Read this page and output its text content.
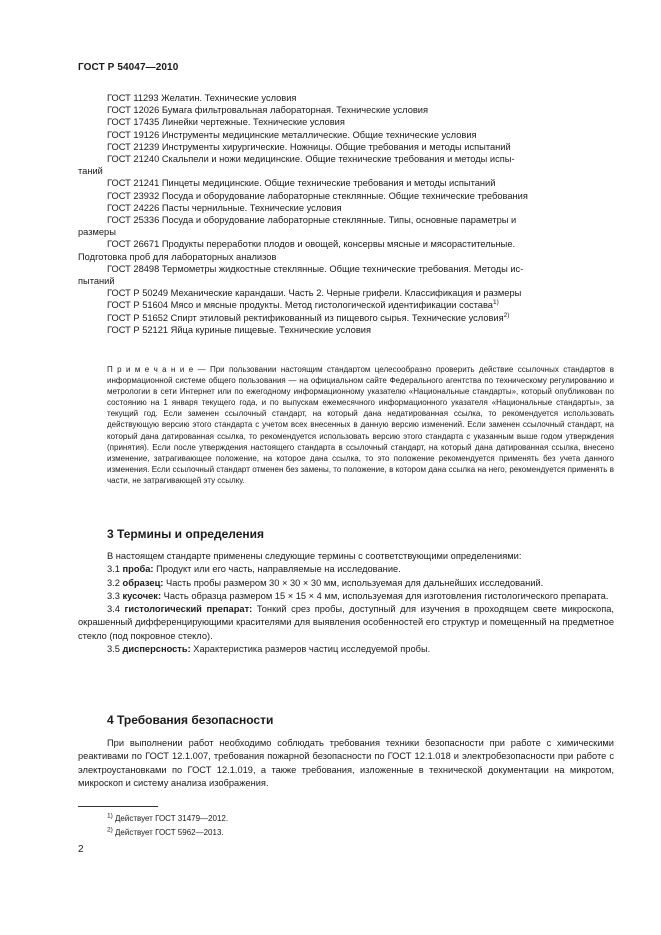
ГОСТ Р 54047—2010
ГОСТ 11293 Желатин. Технические условия
ГОСТ 12026 Бумага фильтровальная лабораторная. Технические условия
ГОСТ 17435 Линейки чертежные. Технические условия
ГОСТ 19126 Инструменты медицинские металлические. Общие технические условия
ГОСТ 21239 Инструменты хирургические. Ножницы. Общие требования и методы испытаний
ГОСТ 21240 Скальпели и ножи медицинские. Общие технические требования и методы испы-
таний
ГОСТ 21241 Пинцеты медицинские. Общие технические требования и методы испытаний
ГОСТ 23932 Посуда и оборудование лабораторные стеклянные. Общие технические требования
ГОСТ 24226 Пасты чернильные. Технические условия
ГОСТ 25336 Посуда и оборудование лабораторные стеклянные. Типы, основные параметры и
размеры
ГОСТ 26671 Продукты переработки плодов и овощей, консервы мясные и мясорастительные.
Подготовка проб для лабораторных анализов
ГОСТ 28498 Термометры жидкостные стеклянные. Общие технические требования. Методы ис-
пытаний
ГОСТ Р 50249 Механические карандаши. Часть 2. Черные грифели. Классификация и размеры
ГОСТ Р 51604 Мясо и мясные продукты. Метод гистологической идентификации состава$^{1)}$
ГОСТ Р 51652 Спирт этиловый ректификованный из пищевого сырья. Технические условия$^{2)}$
ГОСТ Р 52121 Яйца куриные пищевые. Технические условия
П р и м е ч а н и е — При пользовании настоящим стандартом целесообразно проверить действие ссылочных стандартов в информационной системе общего пользования — на официальном сайте Федерального агентства по техническому регулированию и метрологии в сети Интернет или по ежегодному информационному указателю «Национальные стандарты», который опубликован по состоянию на 1 января текущего года, и по выпускам ежемесячного информационного указателя «Национальные стандарты», за текущий год. Если заменен ссылочный стандарт, на который дана недатированная ссылка, то рекомендуется использовать действующую версию этого стандарта с учетом всех внесенных в данную версию изменений. Если заменен ссылочный стандарт, на который дана датированная ссылка, то рекомендуется использовать версию этого стандарта с указанным выше годом утверждения (принятия). Если после утверждения настоящего стандарта в ссылочный стандарт, на который дана датированная ссылка, внесено изменение, затрагивающее положение, на которое дана ссылка, то это положение рекомендуется применять без учета данного изменения. Если ссылочный стандарт отменен без замены, то положение, в котором дана ссылка на него, рекомендуется применять в части, не затрагивающей эту ссылку.
3 Термины и определения
В настоящем стандарте применены следующие термины с соответствующими определениями:
3.1 проба: Продукт или его часть, направляемые на исследование.
3.2 образец: Часть пробы размером 30 × 30 × 30 мм, используемая для дальнейших исследований.
3.3 кусочек: Часть образца размером 15 × 15 × 4 мм, используемая для изготовления гистологического препарата.
3.4 гистологический препарат: Тонкий срез пробы, доступный для изучения в проходящем свете микроскопа, окрашенный дифференцирующими красителями для выявления особенностей его структур и помещенный на предметное стекло (под покровное стекло).
3.5 дисперсность: Характеристика размеров частиц исследуемой пробы.
4 Требования безопасности
При выполнении работ необходимо соблюдать требования техники безопасности при работе с химическими реактивами по ГОСТ 12.1.007, требования пожарной безопасности по ГОСТ 12.1.018 и электробезопасности при работе с электроустановками по ГОСТ 12.1.019, а также требования, изложенные в технической документации на микротом, микроскоп и систему анализа изображения.
$^{1)}$ Действует ГОСТ 31479—2012.
$^{2)}$ Действует ГОСТ 5962—2013.
2
